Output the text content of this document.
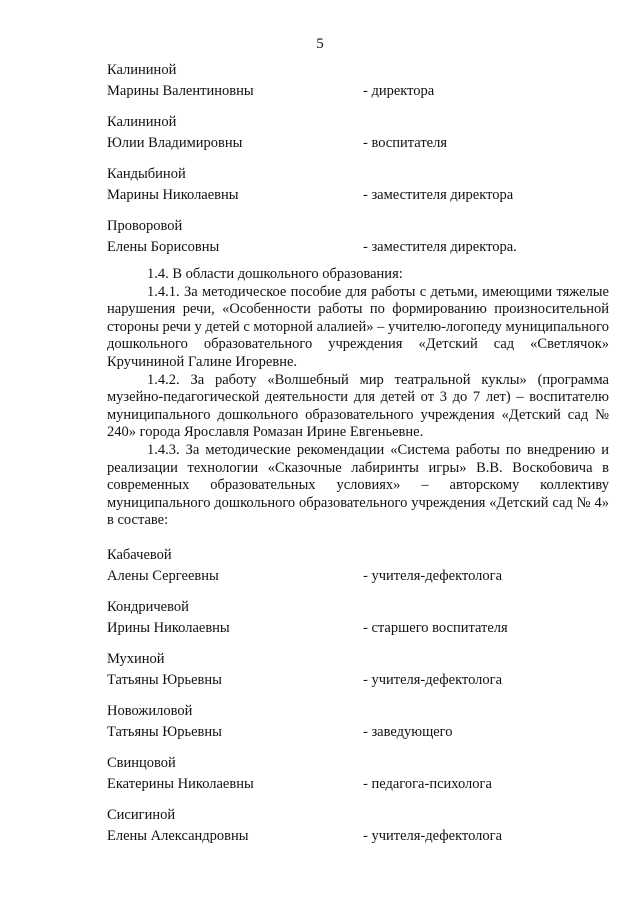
5
Калининой
Марины Валентиновны	- директора
Калининой
Юлии Владимировны	- воспитателя
Кандыбиной
Марины Николаевны	- заместителя директора
Проворовой
Елены Борисовны	- заместителя директора.

1.4. В области дошкольного образования:

1.4.1. За методическое пособие для работы с детьми, имеющими тяжелые нарушения речи, «Особенности работы по формированию произносительной стороны речи у детей с моторной алалией» – учителю-логопеду муниципального дошкольного образовательного учреждения «Детский сад «Светлячок» Кручининой Галине Игоревне.

1.4.2. За работу «Волшебный мир театральной куклы» (программа музейно-педагогической деятельности для детей от 3 до 7 лет) – воспитателю муниципального дошкольного образовательного учреждения «Детский сад № 240» города Ярославля Ромазан Ирине Евгеньевне.

1.4.3. За методические рекомендации «Система работы по внедрению и реализации технологии «Сказочные лабиринты игры» В.В. Воскобовича в современных образовательных условиях» – авторскому коллективу муниципального дошкольного образовательного учреждения «Детский сад № 4» в составе:

Кабачевой
Алены Сергеевны	- учителя-дефектолога
Кондричевой
Ирины Николаевны	- старшего воспитателя
Мухиной
Татьяны Юрьевны	- учителя-дефектолога
Новожиловой
Татьяны Юрьевны	- заведующего
Свинцовой
Екатерины Николаевны	- педагога-психолога
Сисигиной
Елены Александровны	- учителя-дефектолога
